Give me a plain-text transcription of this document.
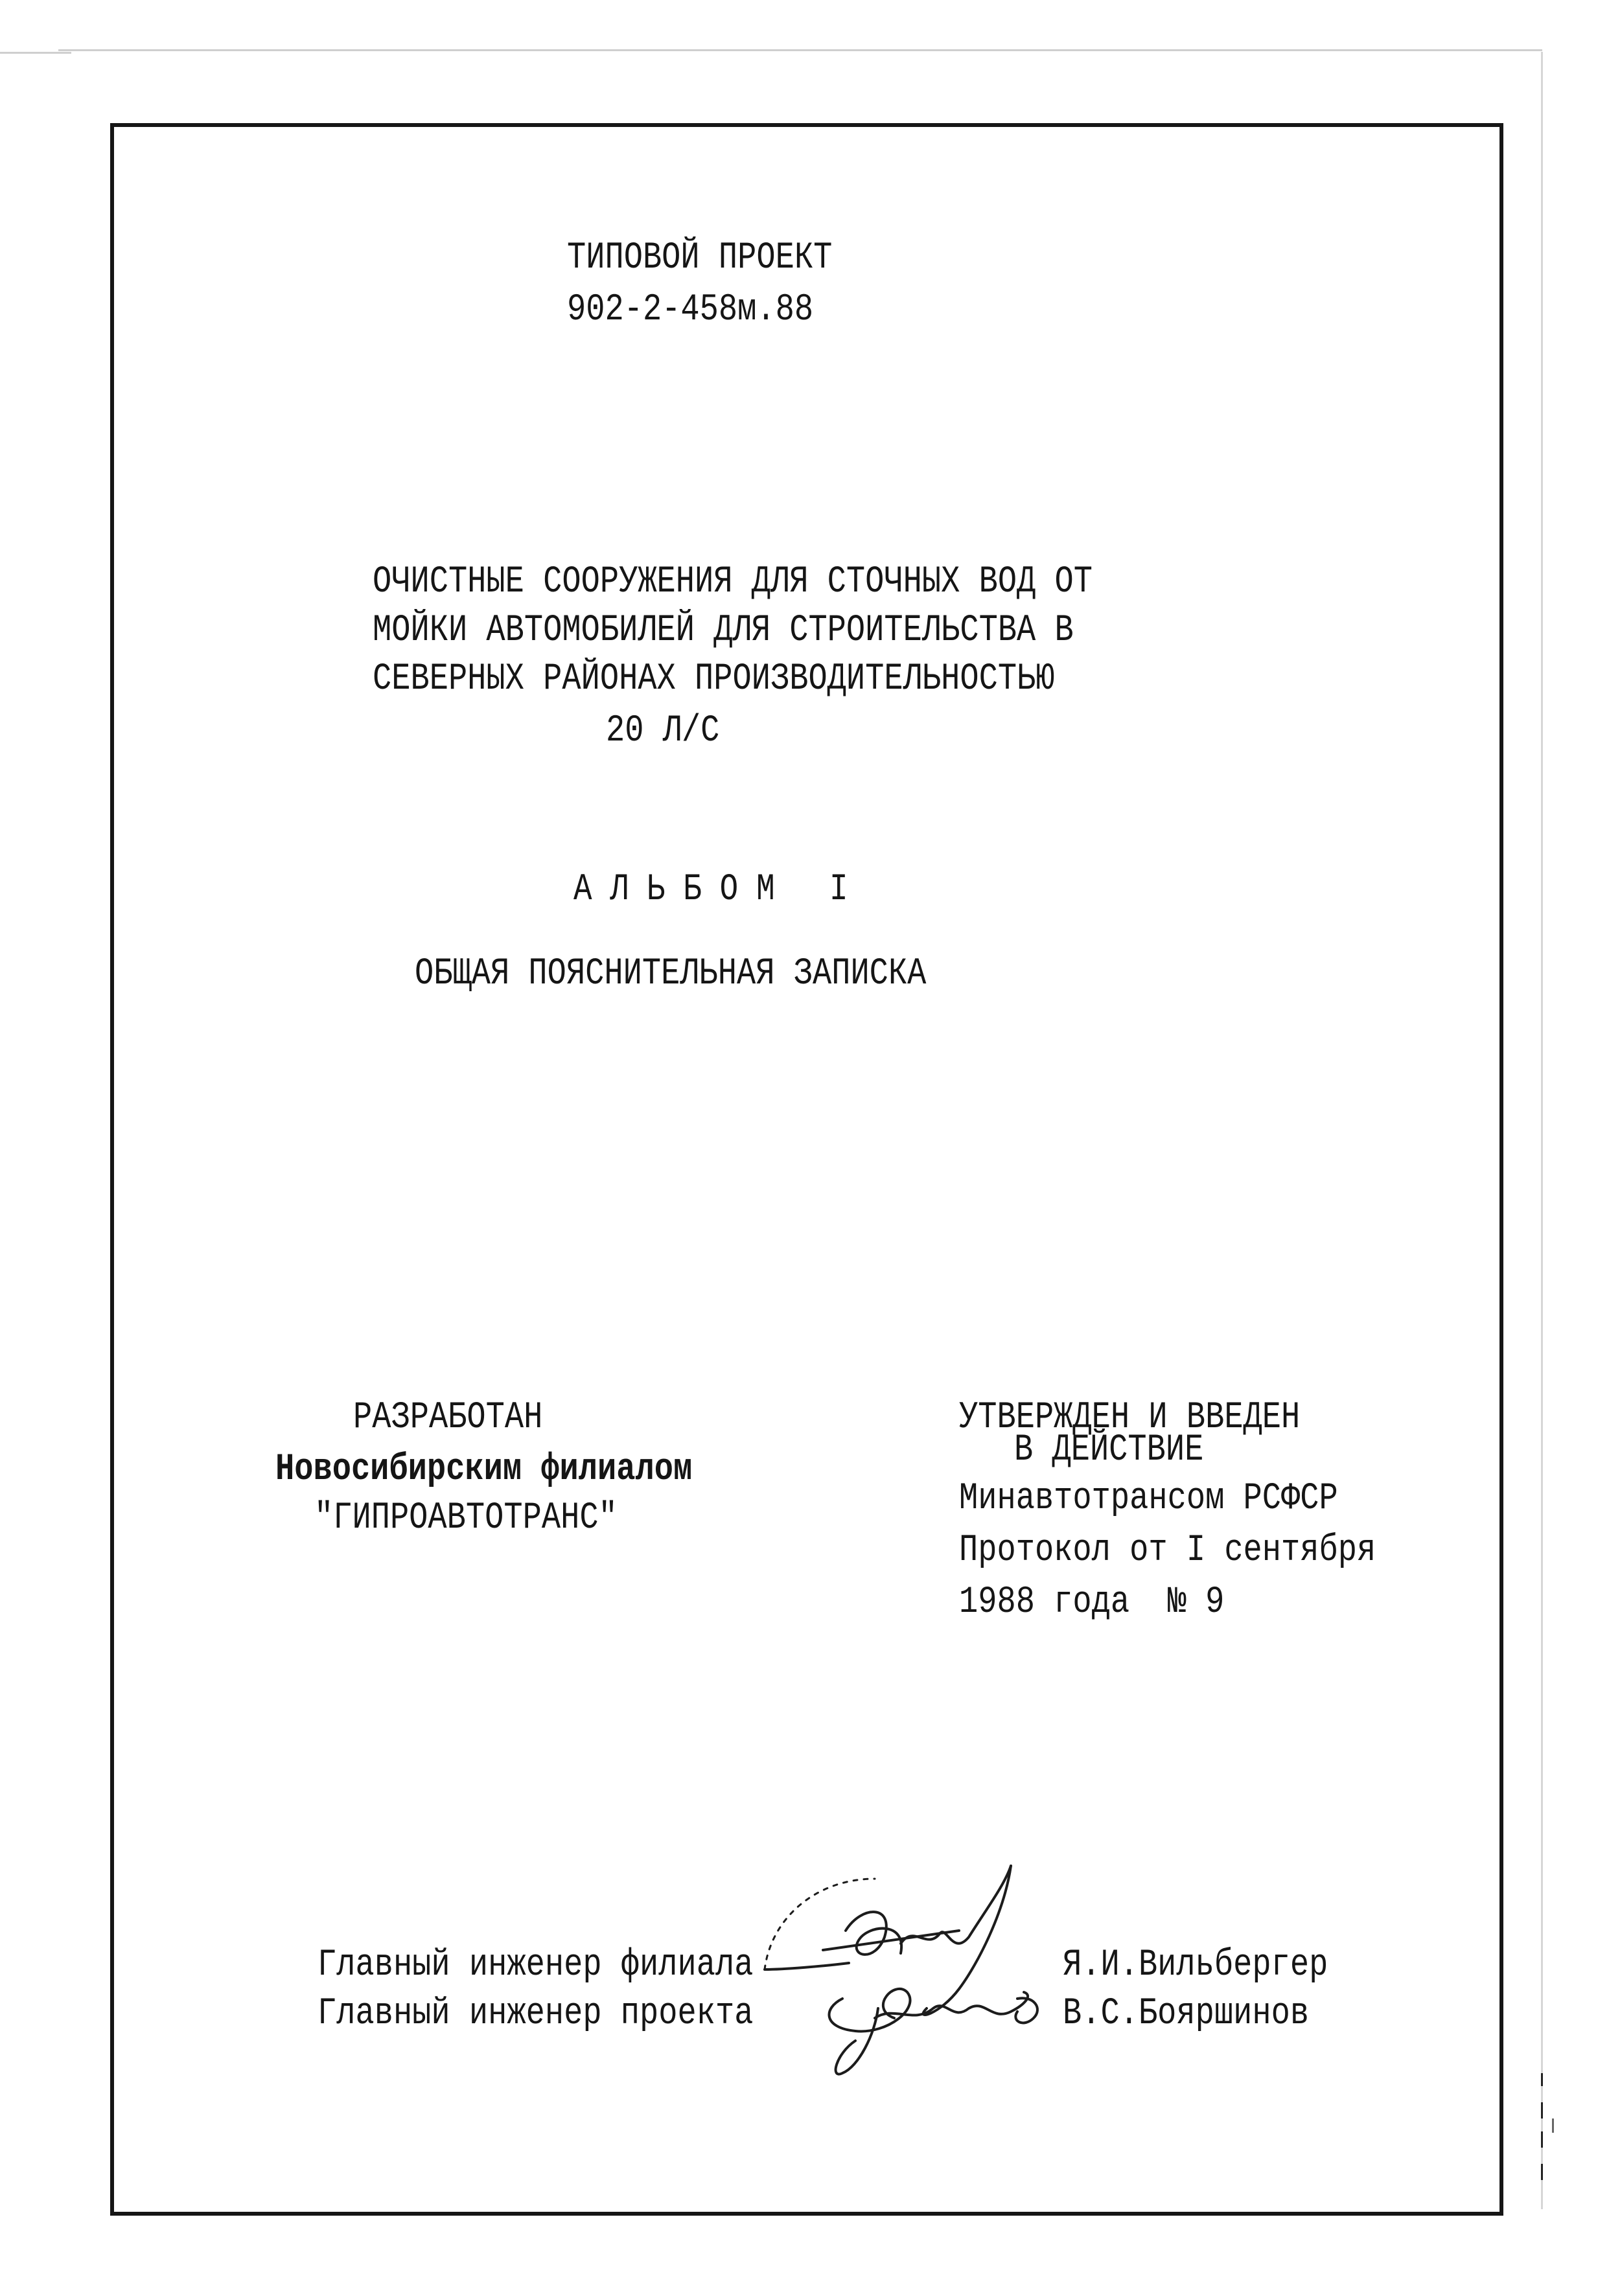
ТИПОВОЙ ПРОЕКТ
902-2-458м.88
ОЧИСТНЫЕ СООРУЖЕНИЯ ДЛЯ СТОЧНЫХ ВОД ОТ
МОЙКИ АВТОМОБИЛЕЙ ДЛЯ СТРОИТЕЛЬСТВА В
СЕВЕРНЫХ РАЙОНАХ ПРОИЗВОДИТЕЛЬНОСТЬЮ
20 Л/С
АЛЬБОМ I
ОБЩАЯ ПОЯСНИТЕЛЬНАЯ ЗАПИСКА
РАЗРАБОТАН
Новосибирским филиалом
"ГИПРОАВТОТРАНС"
УТВЕРЖДЕН И ВВЕДЕН
В ДЕЙСТВИЕ
Минавтотрансом РСФСР
Протокол от I сентября
1988 года  № 9
Главный инженер филиала
Главный инженер проекта
Я.И.Вильбергер
В.С.Бояршинов
